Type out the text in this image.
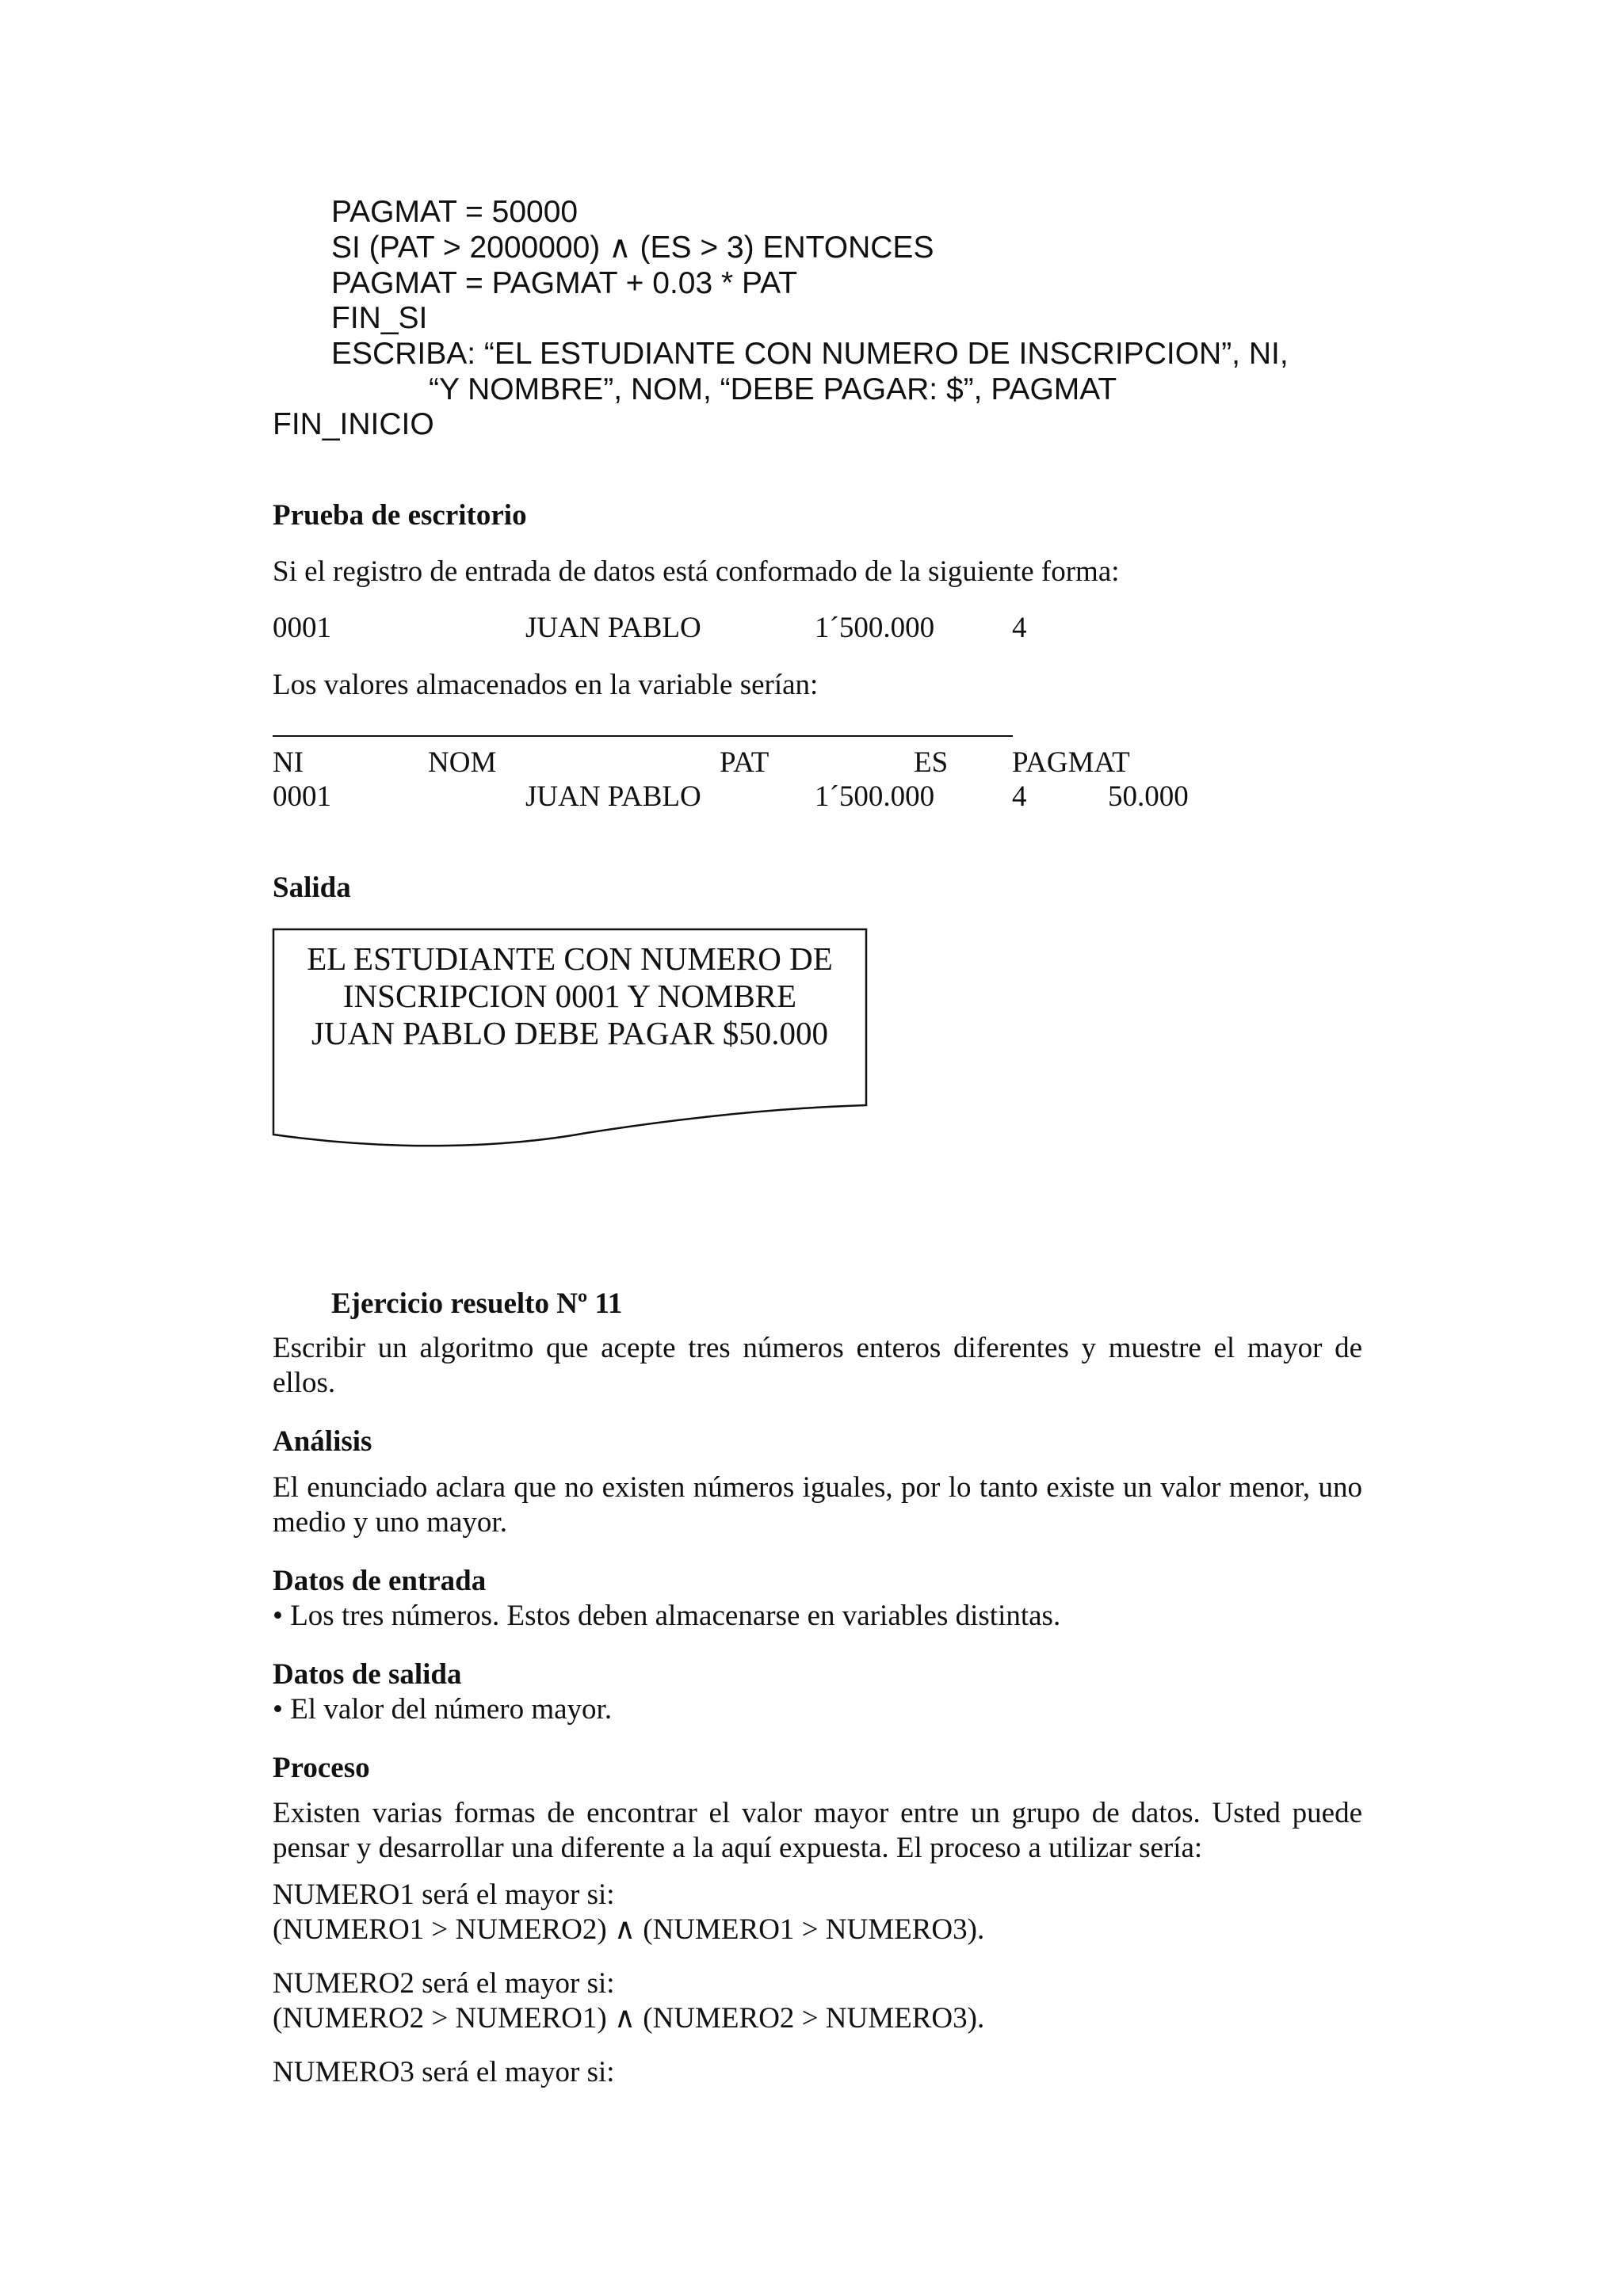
PAGMAT = 50000
SI (PAT > 2000000) ∧ (ES > 3) ENTONCES
PAGMAT = PAGMAT + 0.03 * PAT
FIN_SI
ESCRIBA: “EL ESTUDIANTE CON NUMERO DE INSCRIPCION”, NI,
“Y NOMBRE”, NOM, “DEBE PAGAR: $”, PAGMAT
FIN_INICIO
Prueba de escritorio
Si el registro de entrada de datos está conformado de la siguiente forma:
0001	JUAN PABLO	1´500.000	4
Los valores almacenados en la variable serían:
NI	NOM	PAT	ES PAGMAT
0001	JUAN PABLO	1´500.000	4	50.000
Salida
EL ESTUDIANTE CON NUMERO DE
INSCRIPCION 0001 Y NOMBRE
JUAN PABLO DEBE PAGAR $50.000
Ejercicio resuelto Nº 11
Escribir un algoritmo que acepte tres números enteros diferentes y muestre el mayor de ellos.
Análisis
El enunciado aclara que no existen números iguales, por lo tanto existe un valor menor, uno medio y uno mayor.
Datos de entrada
• Los tres números. Estos deben almacenarse en variables distintas.
Datos de salida
• El valor del número mayor.
Proceso
Existen varias formas de encontrar el valor mayor entre un grupo de datos. Usted puede pensar y desarrollar una diferente a la aquí expuesta. El proceso a utilizar sería:
NUMERO1 será el mayor si:
(NUMERO1 > NUMERO2) ∧ (NUMERO1 > NUMERO3).
NUMERO2 será el mayor si:
(NUMERO2 > NUMERO1) ∧ (NUMERO2 > NUMERO3).
NUMERO3 será el mayor si:
